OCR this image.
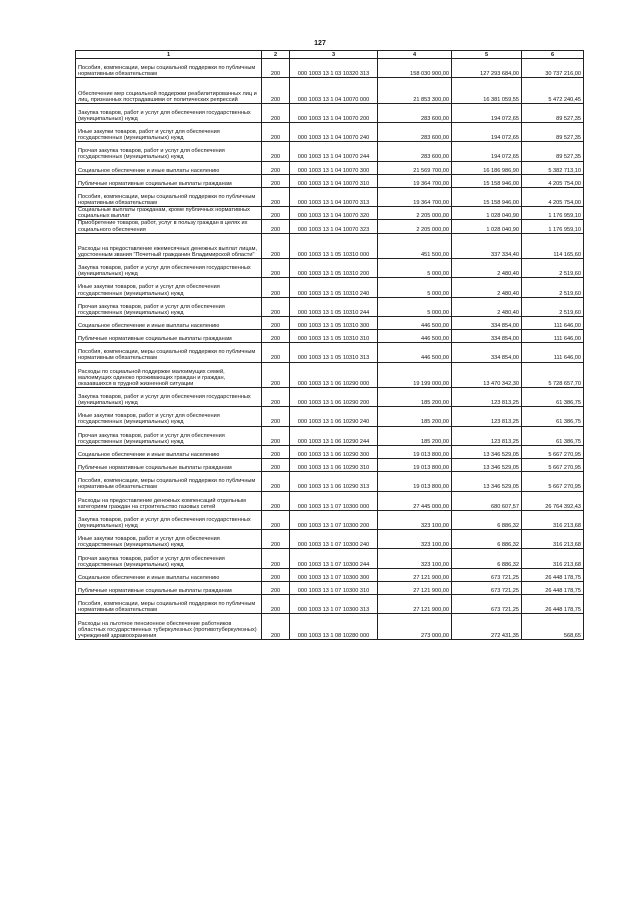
127
1	2	3	4	5	6
Пособия, компенсации, меры социальной поддержки по публичным нормативным обязательствам	200	000 1003 13 1 03 10320 313	158 030 900,00	127 293 684,00	30 737 216,00
Обеспечение мер социальной поддержки реабилитированных лиц и лиц, признанных пострадавшими от политических репрессий	200	000 1003 13 1 04 10070 000	21 853 300,00	16 381 059,55	5 472 240,45
Закупка товаров, работ и услуг для обеспечения государственных (муниципальных) нужд	200	000 1003 13 1 04 10070 200	283 600,00	194 072,65	89 527,35
Иные закупки товаров, работ и услуг для обеспечения государственных (муниципальных) нужд	200	000 1003 13 1 04 10070 240	283 600,00	194 072,65	89 527,35
Прочая закупка товаров, работ и услуг для обеспечения государственных (муниципальных) нужд	200	000 1003 13 1 04 10070 244	283 600,00	194 072,65	89 527,35
Социальное обеспечение и иные выплаты населению	200	000 1003 13 1 04 10070 300	21 569 700,00	16 186 986,90	5 382 713,10
Публичные нормативные социальные выплаты гражданам	200	000 1003 13 1 04 10070 310	19 364 700,00	15 158 946,00	4 205 754,00
Пособия, компенсации, меры социальной поддержки по публичным нормативным обязательствам	200	000 1003 13 1 04 10070 313	19 364 700,00	15 158 946,00	4 205 754,00
Социальные выплаты гражданам, кроме публичных нормативных социальных выплат	200	000 1003 13 1 04 10070 320	2 205 000,00	1 028 040,90	1 176 959,10
Приобретение товаров, работ, услуг в пользу граждан в целях их социального обеспечения	200	000 1003 13 1 04 10070 323	2 205 000,00	1 028 040,90	1 176 959,10
Расходы на предоставление ежемесячных денежных выплат лицам, удостоенным звания "Почетный гражданин Владимирской области"	200	000 1003 13 1 05 10310 000	451 500,00	337 334,40	114 165,60
Закупка товаров, работ и услуг для обеспечения государственных (муниципальных) нужд	200	000 1003 13 1 05 10310 200	5 000,00	2 480,40	2 519,60
Иные закупки товаров, работ и услуг для обеспечения государственных (муниципальных) нужд	200	000 1003 13 1 05 10310 240	5 000,00	2 480,40	2 519,60
Прочая закупка товаров, работ и услуг для обеспечения государственных (муниципальных) нужд	200	000 1003 13 1 05 10310 244	5 000,00	2 480,40	2 519,60
Социальное обеспечение и иные выплаты населению	200	000 1003 13 1 05 10310 300	446 500,00	334 854,00	111 646,00
Публичные нормативные социальные выплаты гражданам	200	000 1003 13 1 05 10310 310	446 500,00	334 854,00	111 646,00
Пособия, компенсации, меры социальной поддержки по публичным нормативным обязательствам	200	000 1003 13 1 05 10310 313	446 500,00	334 854,00	111 646,00
Расходы по социальной поддержке малоимущих семей, малоимущих одиноко проживающих граждан и граждан, оказавшихся в трудной жизненной ситуации	200	000 1003 13 1 06 10290 000	19 199 000,00	13 470 342,30	5 728 657,70
Закупка товаров, работ и услуг для обеспечения государственных (муниципальных) нужд	200	000 1003 13 1 06 10290 200	185 200,00	123 813,25	61 386,75
Иные закупки товаров, работ и услуг для обеспечения государственных (муниципальных) нужд	200	000 1003 13 1 06 10290 240	185 200,00	123 813,25	61 386,75
Прочая закупка товаров, работ и услуг для обеспечения государственных (муниципальных) нужд	200	000 1003 13 1 06 10290 244	185 200,00	123 813,25	61 386,75
Социальное обеспечение и иные выплаты населению	200	000 1003 13 1 06 10290 300	19 013 800,00	13 346 529,05	5 667 270,95
Публичные нормативные социальные выплаты гражданам	200	000 1003 13 1 06 10290 310	19 013 800,00	13 346 529,05	5 667 270,95
Пособия, компенсации, меры социальной поддержки по публичным нормативным обязательствам	200	000 1003 13 1 06 10290 313	19 013 800,00	13 346 529,05	5 667 270,95
Расходы на предоставление денежных компенсаций отдельным категориям граждан на строительство газовых сетей	200	000 1003 13 1 07 10300 000	27 445 000,00	680 607,57	26 764 392,43
Закупка товаров, работ и услуг для обеспечения государственных (муниципальных) нужд	200	000 1003 13 1 07 10300 200	323 100,00	6 886,32	316 213,68
Иные закупки товаров, работ и услуг для обеспечения государственных (муниципальных) нужд	200	000 1003 13 1 07 10300 240	323 100,00	6 886,32	316 213,68
Прочая закупка товаров, работ и услуг для обеспечения государственных (муниципальных) нужд	200	000 1003 13 1 07 10300 244	323 100,00	6 886,32	316 213,68
Социальное обеспечение и иные выплаты населению	200	000 1003 13 1 07 10300 300	27 121 900,00	673 721,25	26 448 178,75
Публичные нормативные социальные выплаты гражданам	200	000 1003 13 1 07 10300 310	27 121 900,00	673 721,25	26 448 178,75
Пособия, компенсации, меры социальной поддержки по публичным нормативным обязательствам	200	000 1003 13 1 07 10300 313	27 121 900,00	673 721,25	26 448 178,75
Расходы на льготное пенсионное обеспечение работников областных государственных туберкулезных (противотуберкулезных) учреждений здравоохранения	200	000 1003 13 1 08 10280 000	273 000,00	272 431,35	568,65
